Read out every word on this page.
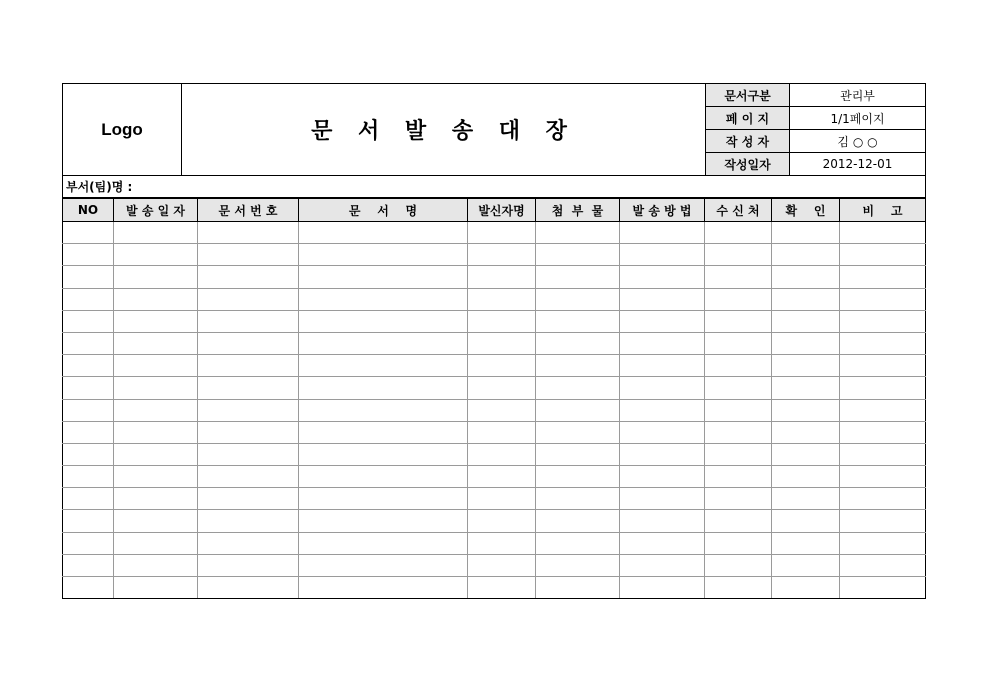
Logo	문 서 발 송 대 장	문서구분	관리부
		페 이 지	1/1페이지
		작 성 자	김 ○ ○
		작성일자	2012-12-01
부서(팀)명 :			
NO	발 송 일 자	문 서 번 호	문    서    명	발신자명	첨  부  물	발 송 방 법	수 신 처	확    인	비    고
